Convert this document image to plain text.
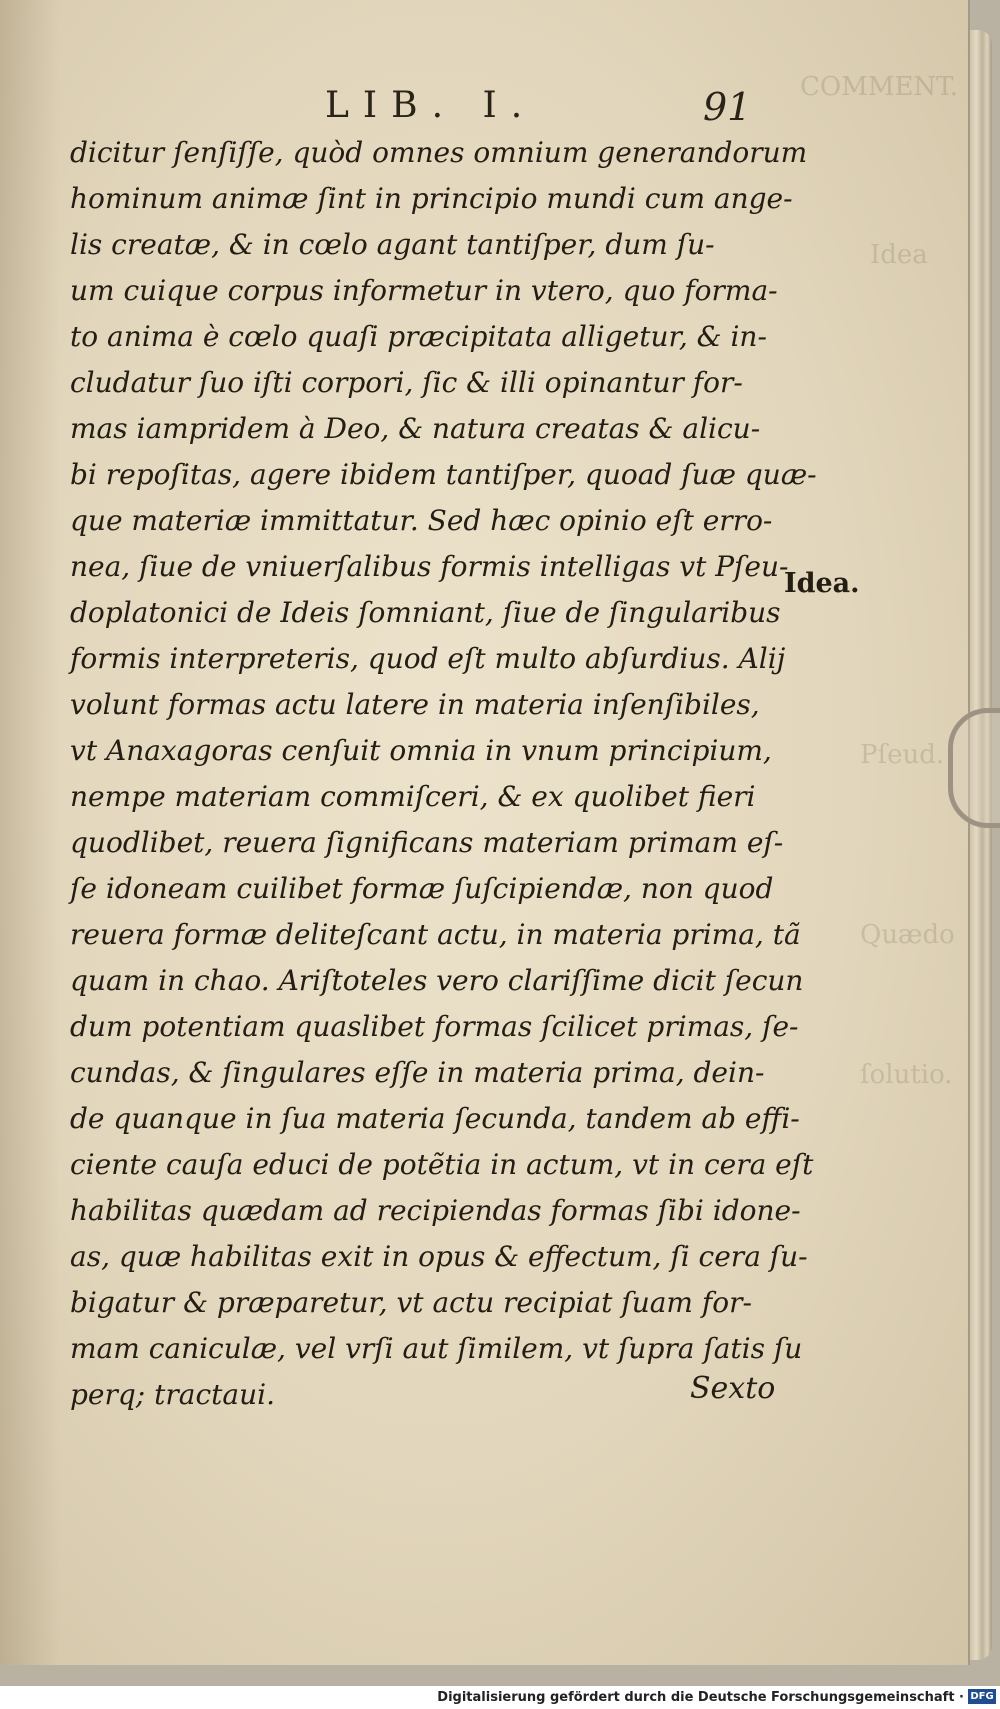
COMMENT.
Idea
Pſeud.
Quædo
ſolutio.
LIB. I.	91
dicitur ſenſiſſe, quòd omnes omnium generandorum
hominum animæ ſint in principio mundi cum ange-
lis creatæ, & in cœlo agant tantiſper, dum ſu-
um cuique corpus informetur in vtero, quo forma-
to anima è cœlo quaſi præcipitata alligetur, & in-
cludatur ſuo iſti corpori, ſic & illi opinantur for-
mas iampridem à Deo, & natura creatas & alicu-
bi repoſitas, agere ibidem tantiſper, quoad ſuæ quæ-
que materiæ immittatur. Sed hæc opinio eſt erro-
nea, ſiue de vniuerſalibus formis intelligas vt Pſeu-
doplatonici de Ideis ſomniant, ſiue de ſingularibus
formis interpreteris, quod eſt multo abſurdius. Alij
volunt formas actu latere in materia inſenſibiles,
vt Anaxagoras cenſuit omnia in vnum principium,
nempe materiam commiſceri, & ex quolibet fieri
quodlibet, reuera ſignificans materiam primam eſ-
ſe idoneam cuilibet formæ ſuſcipiendæ, non quod
reuera formæ deliteſcant actu, in materia prima, tã
quam in chao. Ariſtoteles vero clariſſime dicit ſecun
dum potentiam quaslibet formas ſcilicet primas, ſe-
cundas, & ſingulares eſſe in materia prima, dein-
de quanque in ſua materia ſecunda, tandem ab effi-
ciente cauſa educi de potẽtia in actum, vt in cera eſt
habilitas quædam ad recipiendas formas ſibi idone-
as, quæ habilitas exit in opus & effectum, ſi cera ſu-
bigatur & præparetur, vt actu recipiat ſuam for-
mam caniculæ, vel vrſi aut ſimilem, vt ſupra ſatis ſu
perq; tractaui.
Idea.
Sexto
Digitalisierung gefördert durch die Deutsche Forschungsgemeinschaft · DFG
